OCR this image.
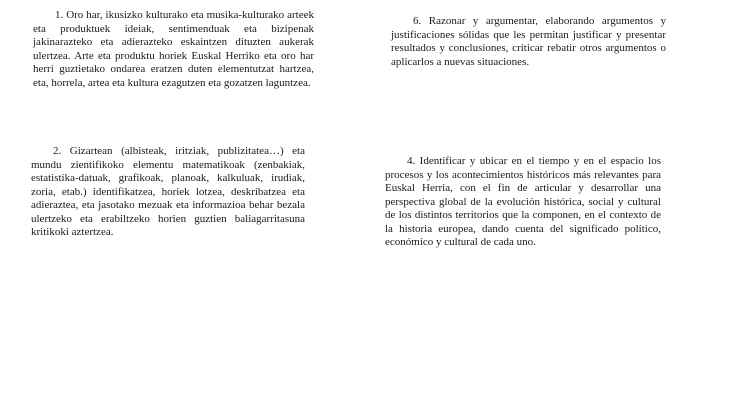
1. Oro har, ikusizko kulturako eta musika-kulturako arteek eta produktuek ideiak, sentimenduak eta bizipenak jakinarazteko eta adierazteko eskaintzen dituzten aukerak ulertzea. Arte eta produktu horiek Euskal Herriko eta oro har herri guztietako ondarea eratzen duten elementutzat hartzea, eta, horrela, artea eta kultura ezagutzen eta gozatzen laguntzea.

6. Razonar y argumentar, elaborando argumentos y justificaciones sólidas que les permitan justificar y presentar resultados y conclusiones, criticar rebatir otros argumentos o aplicarlos a nuevas situaciones.

2. Gizartean (albisteak, iritziak, publizitatea…) eta mundu zientifikoko elementu matematikoak (zenbakiak, estatistika-datuak, grafikoak, planoak, kalkuluak, irudiak, zoria, etab.) identifikatzea, horiek lotzea, deskribatzea eta adieraztea, eta jasotako mezuak eta informazioa behar bezala ulertzeko eta erabiltzeko horien guztien baliagarritasuna kritikoki aztertzea.

4. Identificar y ubicar en el tiempo y en el espacio los procesos y los acontecimientos históricos más relevantes para Euskal Herria, con el fin de articular y desarrollar una perspectiva global de la evolución histórica, social y cultural de los distintos territorios que la componen, en el contexto de la historia europea, dando cuenta del significado político, económico y cultural de cada uno.
